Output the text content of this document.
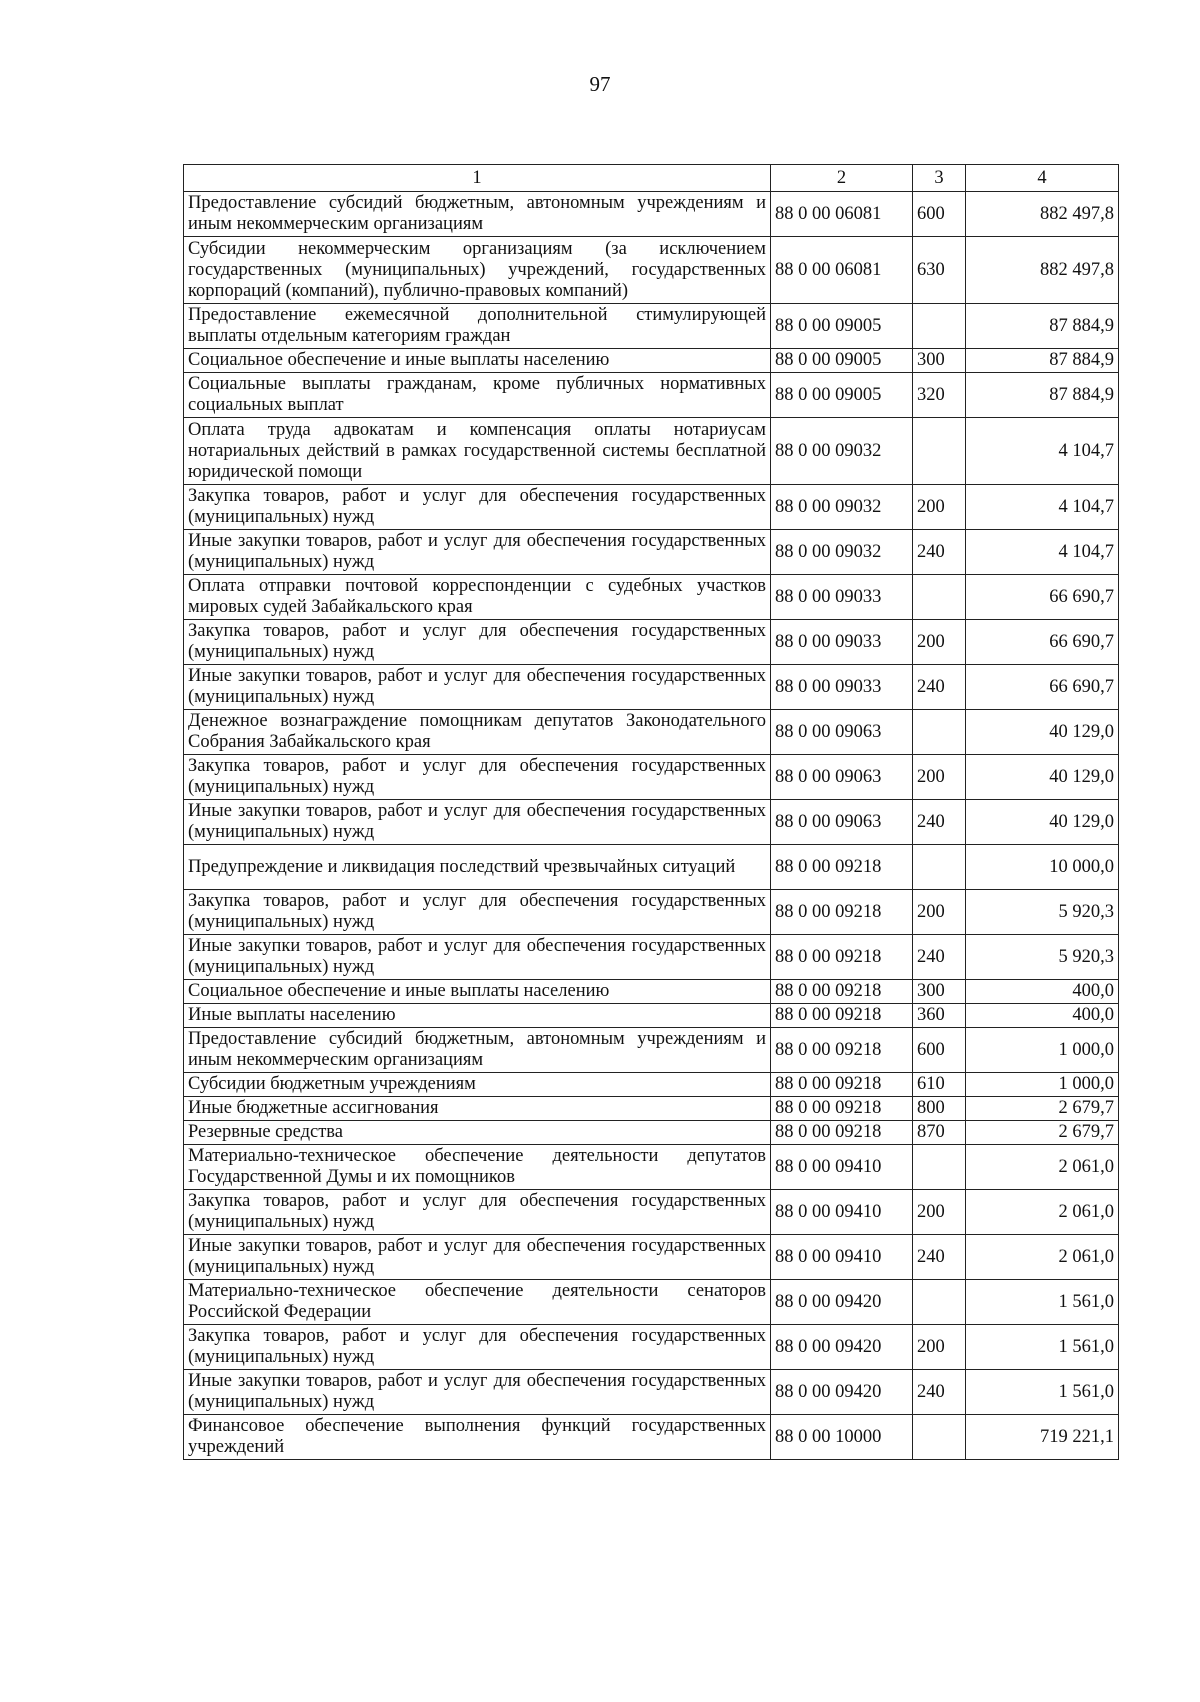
97
1	2	3	4
Предоставление субсидий бюджетным, автономным учреждениям и иным некоммерческим организациям	88 0 00 06081	600	882 497,8
Субсидии некоммерческим организациям (за исключением государственных (муниципальных) учреждений, государственных корпораций (компаний), публично-правовых компаний)	88 0 00 06081	630	882 497,8
Предоставление ежемесячной дополнительной стимулирующей выплаты отдельным категориям граждан	88 0 00 09005		87 884,9
Социальное обеспечение и иные выплаты населению	88 0 00 09005	300	87 884,9
Социальные выплаты гражданам, кроме публичных нормативных социальных выплат	88 0 00 09005	320	87 884,9
Оплата труда адвокатам и компенсация оплаты нотариусам нотариальных действий в рамках государственной системы бесплатной юридической помощи	88 0 00 09032		4 104,7
Закупка товаров, работ и услуг для обеспечения государственных (муниципальных) нужд	88 0 00 09032	200	4 104,7
Иные закупки товаров, работ и услуг для обеспечения государственных (муниципальных) нужд	88 0 00 09032	240	4 104,7
Оплата отправки почтовой корреспонденции с судебных участков мировых судей Забайкальского края	88 0 00 09033		66 690,7
Закупка товаров, работ и услуг для обеспечения государственных (муниципальных) нужд	88 0 00 09033	200	66 690,7
Иные закупки товаров, работ и услуг для обеспечения государственных (муниципальных) нужд	88 0 00 09033	240	66 690,7
Денежное вознаграждение помощникам депутатов Законодательного Собрания Забайкальского края	88 0 00 09063		40 129,0
Закупка товаров, работ и услуг для обеспечения государственных (муниципальных) нужд	88 0 00 09063	200	40 129,0
Иные закупки товаров, работ и услуг для обеспечения государственных (муниципальных) нужд	88 0 00 09063	240	40 129,0
Предупреждение и ликвидация последствий чрезвычайных ситуаций	88 0 00 09218		10 000,0
Закупка товаров, работ и услуг для обеспечения государственных (муниципальных) нужд	88 0 00 09218	200	5 920,3
Иные закупки товаров, работ и услуг для обеспечения государственных (муниципальных) нужд	88 0 00 09218	240	5 920,3
Социальное обеспечение и иные выплаты населению	88 0 00 09218	300	400,0
Иные выплаты населению	88 0 00 09218	360	400,0
Предоставление субсидий бюджетным, автономным учреждениям и иным некоммерческим организациям	88 0 00 09218	600	1 000,0
Субсидии бюджетным учреждениям	88 0 00 09218	610	1 000,0
Иные бюджетные ассигнования	88 0 00 09218	800	2 679,7
Резервные средства	88 0 00 09218	870	2 679,7
Материально-техническое обеспечение деятельности депутатов Государственной Думы и их помощников	88 0 00 09410		2 061,0
Закупка товаров, работ и услуг для обеспечения государственных (муниципальных) нужд	88 0 00 09410	200	2 061,0
Иные закупки товаров, работ и услуг для обеспечения государственных (муниципальных) нужд	88 0 00 09410	240	2 061,0
Материально-техническое обеспечение деятельности сенаторов Российской Федерации	88 0 00 09420		1 561,0
Закупка товаров, работ и услуг для обеспечения государственных (муниципальных) нужд	88 0 00 09420	200	1 561,0
Иные закупки товаров, работ и услуг для обеспечения государственных (муниципальных) нужд	88 0 00 09420	240	1 561,0
Финансовое обеспечение выполнения функций государственных учреждений	88 0 00 10000		719 221,1
